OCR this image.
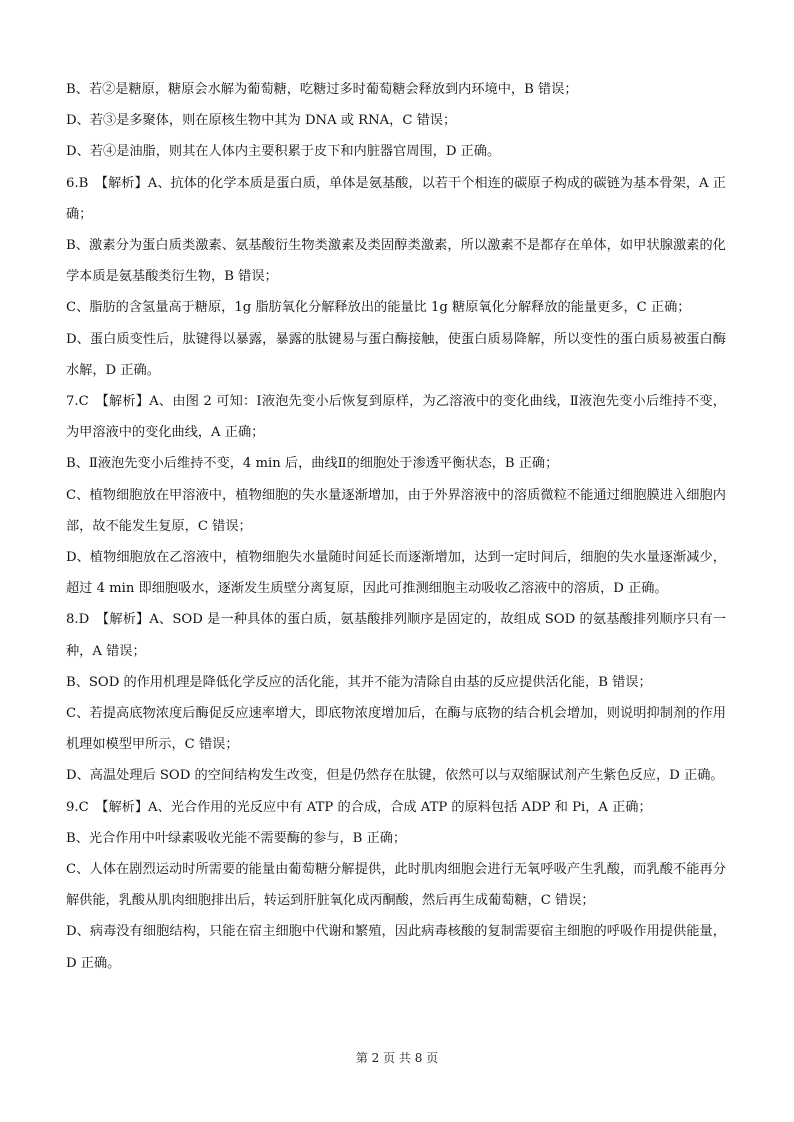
B、若②是糖原，糖原会水解为葡萄糖，吃糖过多时葡萄糖会释放到内环境中，B 错误；

D、若③是多聚体，则在原核生物中其为 DNA 或 RNA，C 错误；

D、若④是油脂，则其在人体内主要积累于皮下和内脏器官周围，D 正确。

6.B　【解析】A、抗体的化学本质是蛋白质，单体是氨基酸，以若干个相连的碳原子构成的碳链为基本骨架，A 正确；

B、激素分为蛋白质类激素、氨基酸衍生物类激素及类固醇类激素，所以激素不是都存在单体，如甲状腺激素的化学本质是氨基酸类衍生物，B 错误；

C、脂肪的含氢量高于糖原，1g 脂肪氧化分解释放出的能量比 1g 糖原氧化分解释放的能量更多，C 正确；

D、蛋白质变性后，肽键得以暴露，暴露的肽键易与蛋白酶接触，使蛋白质易降解，所以变性的蛋白质易被蛋白酶水解，D 正确。

7.C　【解析】A、由图 2 可知：Ⅰ液泡先变小后恢复到原样，为乙溶液中的变化曲线，Ⅱ液泡先变小后维持不变，为甲溶液中的变化曲线，A 正确；

B、Ⅱ液泡先变小后维持不变，4 min 后，曲线Ⅱ的细胞处于渗透平衡状态，B 正确；

C、植物细胞放在甲溶液中，植物细胞的失水量逐渐增加，由于外界溶液中的溶质微粒不能通过细胞膜进入细胞内部，故不能发生复原，C 错误；

D、植物细胞放在乙溶液中，植物细胞失水量随时间延长而逐渐增加，达到一定时间后，细胞的失水量逐渐减少，超过 4 min 即细胞吸水，逐渐发生质壁分离复原，因此可推测细胞主动吸收乙溶液中的溶质，D 正确。

8.D　【解析】A、SOD 是一种具体的蛋白质，氨基酸排列顺序是固定的，故组成 SOD 的氨基酸排列顺序只有一种，A 错误；

B、SOD 的作用机理是降低化学反应的活化能，其并不能为清除自由基的反应提供活化能，B 错误；

C、若提高底物浓度后酶促反应速率增大，即底物浓度增加后，在酶与底物的结合机会增加，则说明抑制剂的作用机理如模型甲所示，C 错误；

D、高温处理后 SOD 的空间结构发生改变，但是仍然存在肽键，依然可以与双缩脲试剂产生紫色反应，D 正确。

9.C　【解析】A、光合作用的光反应中有 ATP 的合成，合成 ATP 的原料包括 ADP 和 Pi，A 正确；

B、光合作用中叶绿素吸收光能不需要酶的参与，B 正确；

C、人体在剧烈运动时所需要的能量由葡萄糖分解提供，此时肌肉细胞会进行无氧呼吸产生乳酸，而乳酸不能再分解供能，乳酸从肌肉细胞排出后，转运到肝脏氧化成丙酮酸，然后再生成葡萄糖，C 错误；

D、病毒没有细胞结构，只能在宿主细胞中代谢和繁殖，因此病毒核酸的复制需要宿主细胞的呼吸作用提供能量，D 正确。

第 2 页 共 8 页
